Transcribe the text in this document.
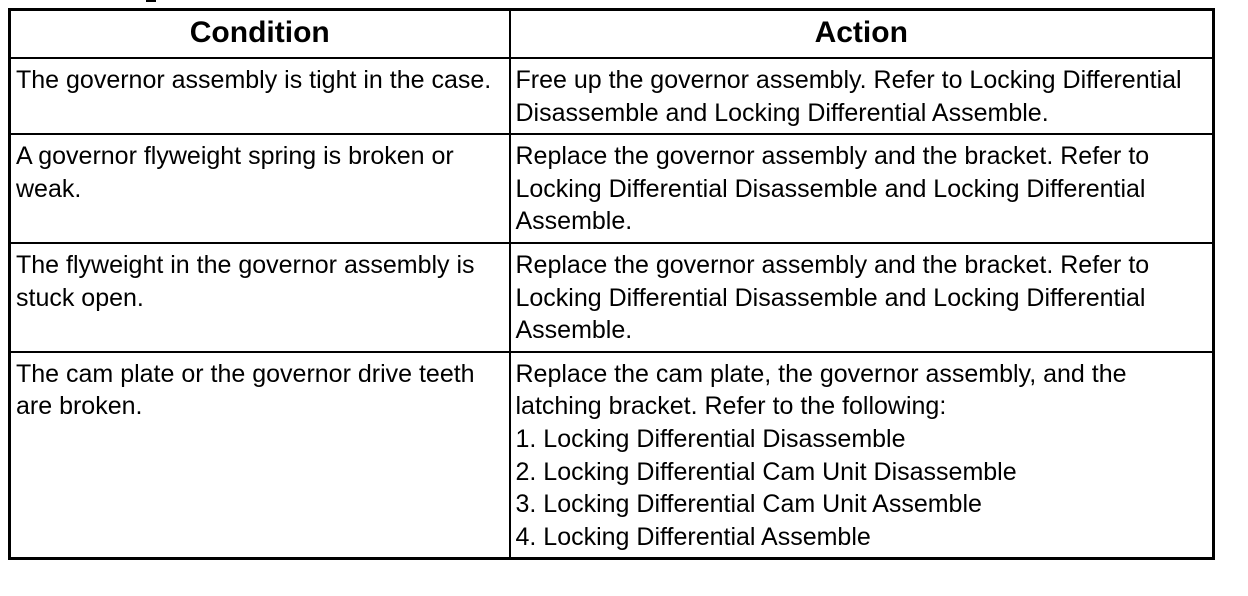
Condition	Action
The governor assembly is tight in the case.	Free up the governor assembly. Refer to Locking Differential Disassemble and Locking Differential Assemble.
A governor flyweight spring is broken or weak.	Replace the governor assembly and the bracket. Refer to Locking Differential Disassemble and Locking Differential Assemble.
The flyweight in the governor assembly is stuck open.	Replace the governor assembly and the bracket. Refer to Locking Differential Disassemble and Locking Differential Assemble.
The cam plate or the governor drive teeth are broken.	Replace the cam plate, the governor assembly, and the latching bracket. Refer to the following:
1. Locking Differential Disassemble
2. Locking Differential Cam Unit Disassemble
3. Locking Differential Cam Unit Assemble
4. Locking Differential Assemble
